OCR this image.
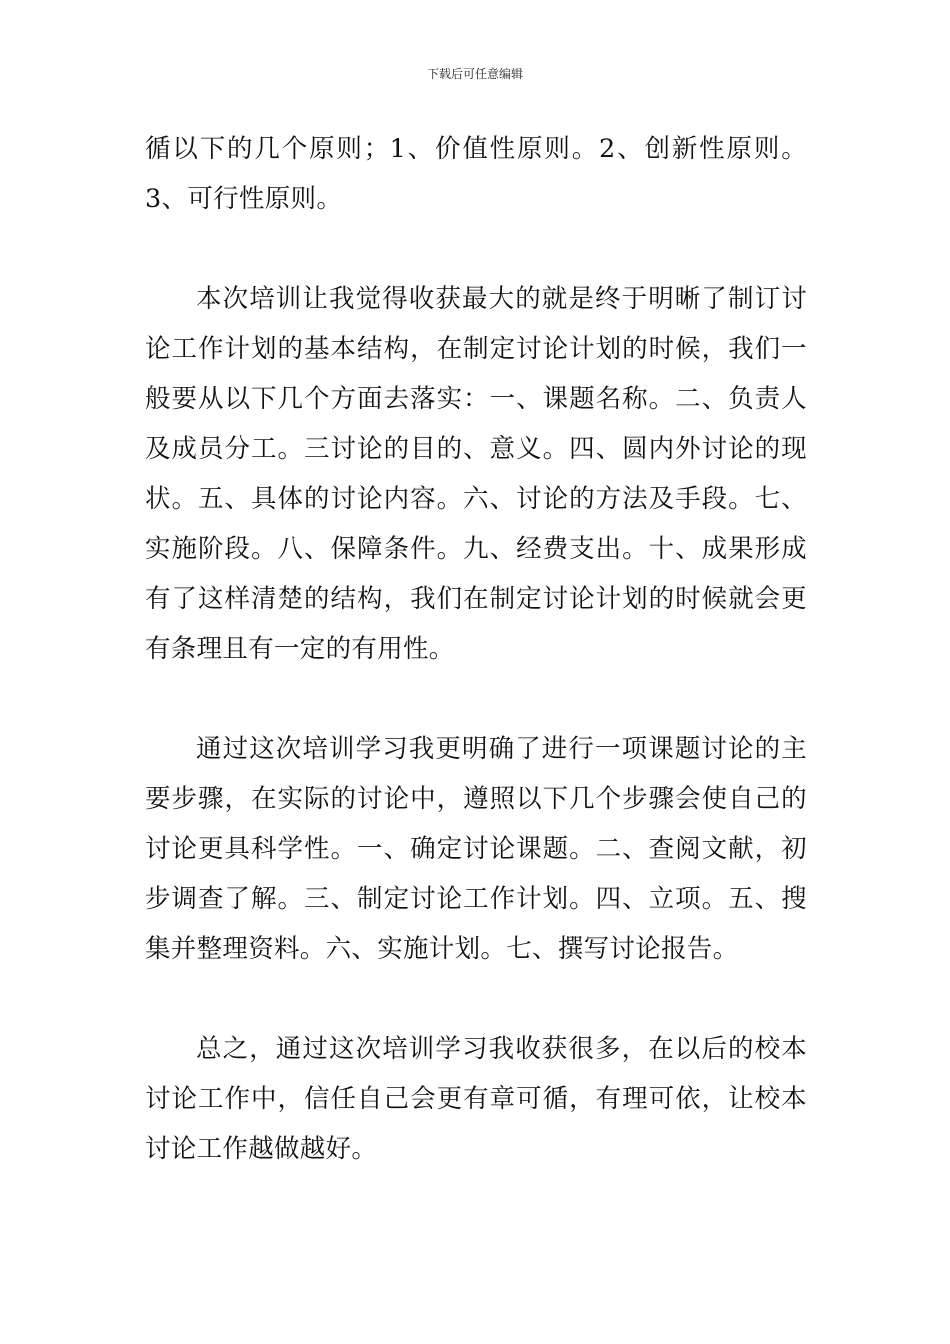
下载后可任意编辑

循以下的几个原则；1、价值性原则。2、创新性原则。3、可行性原则。

本次培训让我觉得收获最大的就是终于明晰了制订讨论工作计划的基本结构，在制定讨论计划的时候，我们一般要从以下几个方面去落实：一、课题名称。二、负责人及成员分工。三讨论的目的、意义。四、圆内外讨论的现状。五、具体的讨论内容。六、讨论的方法及手段。七、实施阶段。八、保障条件。九、经费支出。十、成果形成有了这样清楚的结构，我们在制定讨论计划的时候就会更有条理且有一定的有用性。

通过这次培训学习我更明确了进行一项课题讨论的主要步骤，在实际的讨论中，遵照以下几个步骤会使自己的讨论更具科学性。一、确定讨论课题。二、查阅文献，初步调查了解。三、制定讨论工作计划。四、立项。五、搜集并整理资料。六、实施计划。七、撰写讨论报告。

总之，通过这次培训学习我收获很多，在以后的校本讨论工作中，信任自己会更有章可循，有理可依，让校本讨论工作越做越好。
